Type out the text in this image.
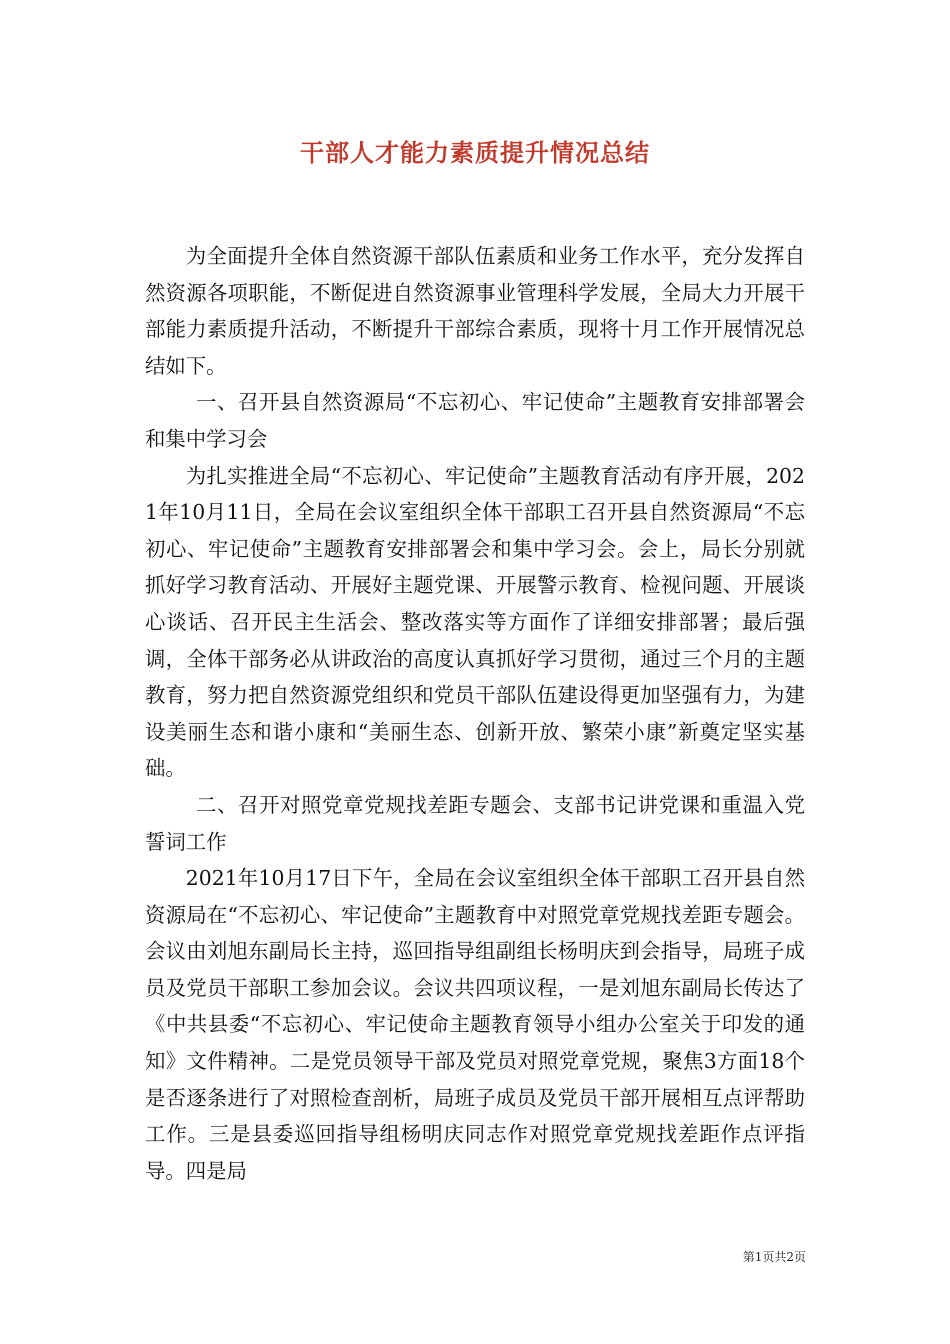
干部人才能力素质提升情况总结

为全面提升全体自然资源干部队伍素质和业务工作水平，充分发挥自然资源各项职能，不断促进自然资源事业管理科学发展，全局大力开展干部能力素质提升活动，不断提升干部综合素质，现将十月工作开展情况总结如下。

一、召开县自然资源局“不忘初心、牢记使命”主题教育安排部署会和集中学习会

为扎实推进全局“不忘初心、牢记使命”主题教育活动有序开展，2021年10月11日，全局在会议室组织全体干部职工召开县自然资源局“不忘初心、牢记使命”主题教育安排部署会和集中学习会。会上，局长分别就抓好学习教育活动、开展好主题党课、开展警示教育、检视问题、开展谈心谈话、召开民主生活会、整改落实等方面作了详细安排部署；最后强调，全体干部务必从讲政治的高度认真抓好学习贯彻，通过三个月的主题教育，努力把自然资源党组织和党员干部队伍建设得更加坚强有力，为建设美丽生态和谐小康和“美丽生态、创新开放、繁荣小康”新奠定坚实基础。

二、召开对照党章党规找差距专题会、支部书记讲党课和重温入党誓词工作

2021年10月17日下午，全局在会议室组织全体干部职工召开县自然资源局在“不忘初心、牢记使命”主题教育中对照党章党规找差距专题会。会议由刘旭东副局长主持，巡回指导组副组长杨明庆到会指导，局班子成员及党员干部职工参加会议。会议共四项议程，一是刘旭东副局长传达了《中共县委“不忘初心、牢记使命主题教育领导小组办公室关于印发的通知》文件精神。二是党员领导干部及党员对照党章党规，聚焦3方面18个是否逐条进行了对照检查剖析，局班子成员及党员干部开展相互点评帮助工作。三是县委巡回指导组杨明庆同志作对照党章党规找差距作点评指导。四是局

第1页共2页
